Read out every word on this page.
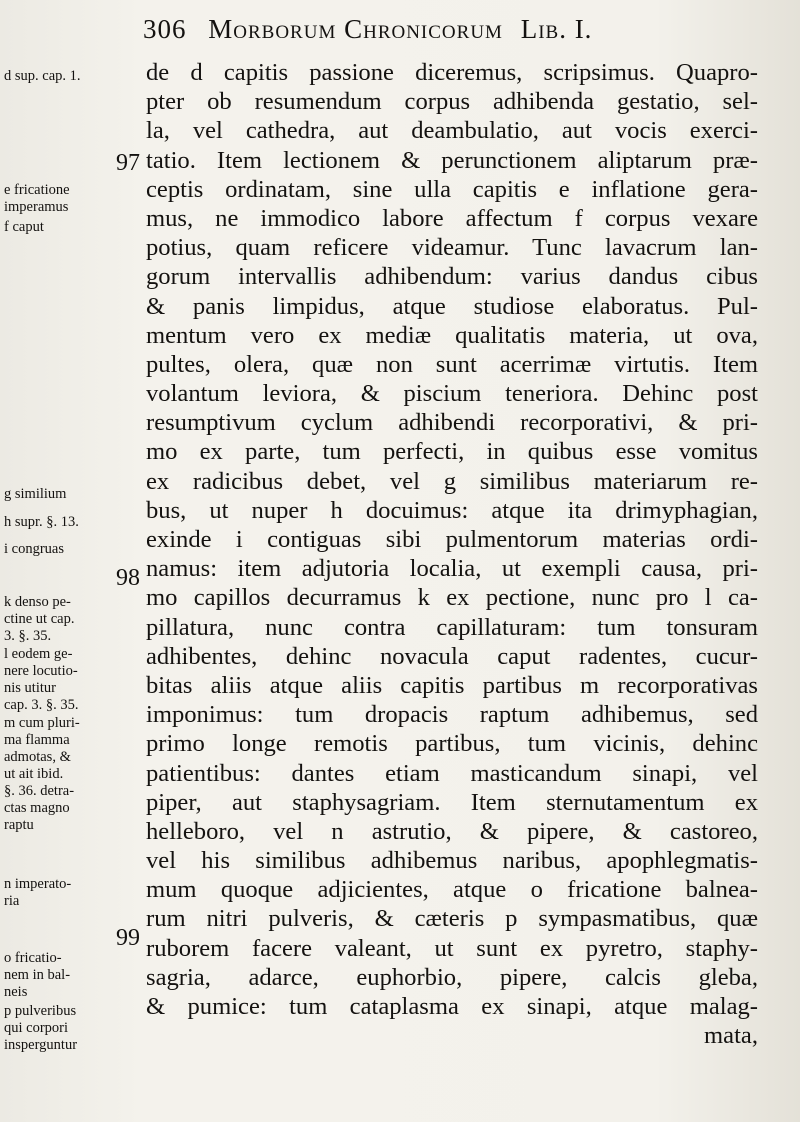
306 Morborum Chronicorum Lib. I.
d sup. cap. 1.
97
e fricatione
imperamus
f caput
g similium
h supr. §. 13.
i congruas
98
k denso pe-
ctine ut cap.
3. §. 35.
l eodem ge-
nere locutio-
nis utitur
cap. 3. §. 35.
m cum pluri-
ma flamma
admotas, &
ut ait ibid.
§. 36. detra-
ctas magno
raptu
n imperato-
ria
99
o fricatio-
nem in bal-
neis
p pulveribus
qui corpori
insperguntur
de d capitis passione diceremus, scripsimus. Quapro-
pter ob resumendum corpus adhibenda gestatio, sel-
la, vel cathedra, aut deambulatio, aut vocis exerci-
tatio. Item lectionem & perunctionem aliptarum præ-
ceptis ordinatam, sine ulla capitis e inflatione gera-
mus, ne immodico labore affectum f corpus vexare
potius, quam reficere videamur. Tunc lavacrum lan-
gorum intervallis adhibendum: varius dandus cibus
& panis limpidus, atque studiose elaboratus. Pul-
mentum vero ex mediæ qualitatis materia, ut ova,
pultes, olera, quæ non sunt acerrimæ virtutis. Item
volantum leviora, & piscium teneriora. Dehinc post
resumptivum cyclum adhibendi recorporativi, & pri-
mo ex parte, tum perfecti, in quibus esse vomitus
ex radicibus debet, vel g similibus materiarum re-
bus, ut nuper h docuimus: atque ita drimyphagian,
exinde i contiguas sibi pulmentorum materias ordi-
namus: item adjutoria localia, ut exempli causa, pri-
mo capillos decurramus k ex pectione, nunc pro l ca-
pillatura, nunc contra capillaturam: tum tonsuram
adhibentes, dehinc novacula caput radentes, cucur-
bitas aliis atque aliis capitis partibus m recorporativas
imponimus: tum dropacis raptum adhibemus, sed
primo longe remotis partibus, tum vicinis, dehinc
patientibus: dantes etiam masticandum sinapi, vel
piper, aut staphysagriam. Item sternutamentum ex
helleboro, vel n astrutio, & pipere, & castoreo,
vel his similibus adhibemus naribus, apophlegmatis-
mum quoque adjicientes, atque o fricatione balnea-
rum nitri pulveris, & cæteris p sympasmatibus, quæ
ruborem facere valeant, ut sunt ex pyretro, staphy-
sagria, adarce, euphorbio, pipere, calcis gleba,
& pumice: tum cataplasma ex sinapi, atque malag-
mata,
